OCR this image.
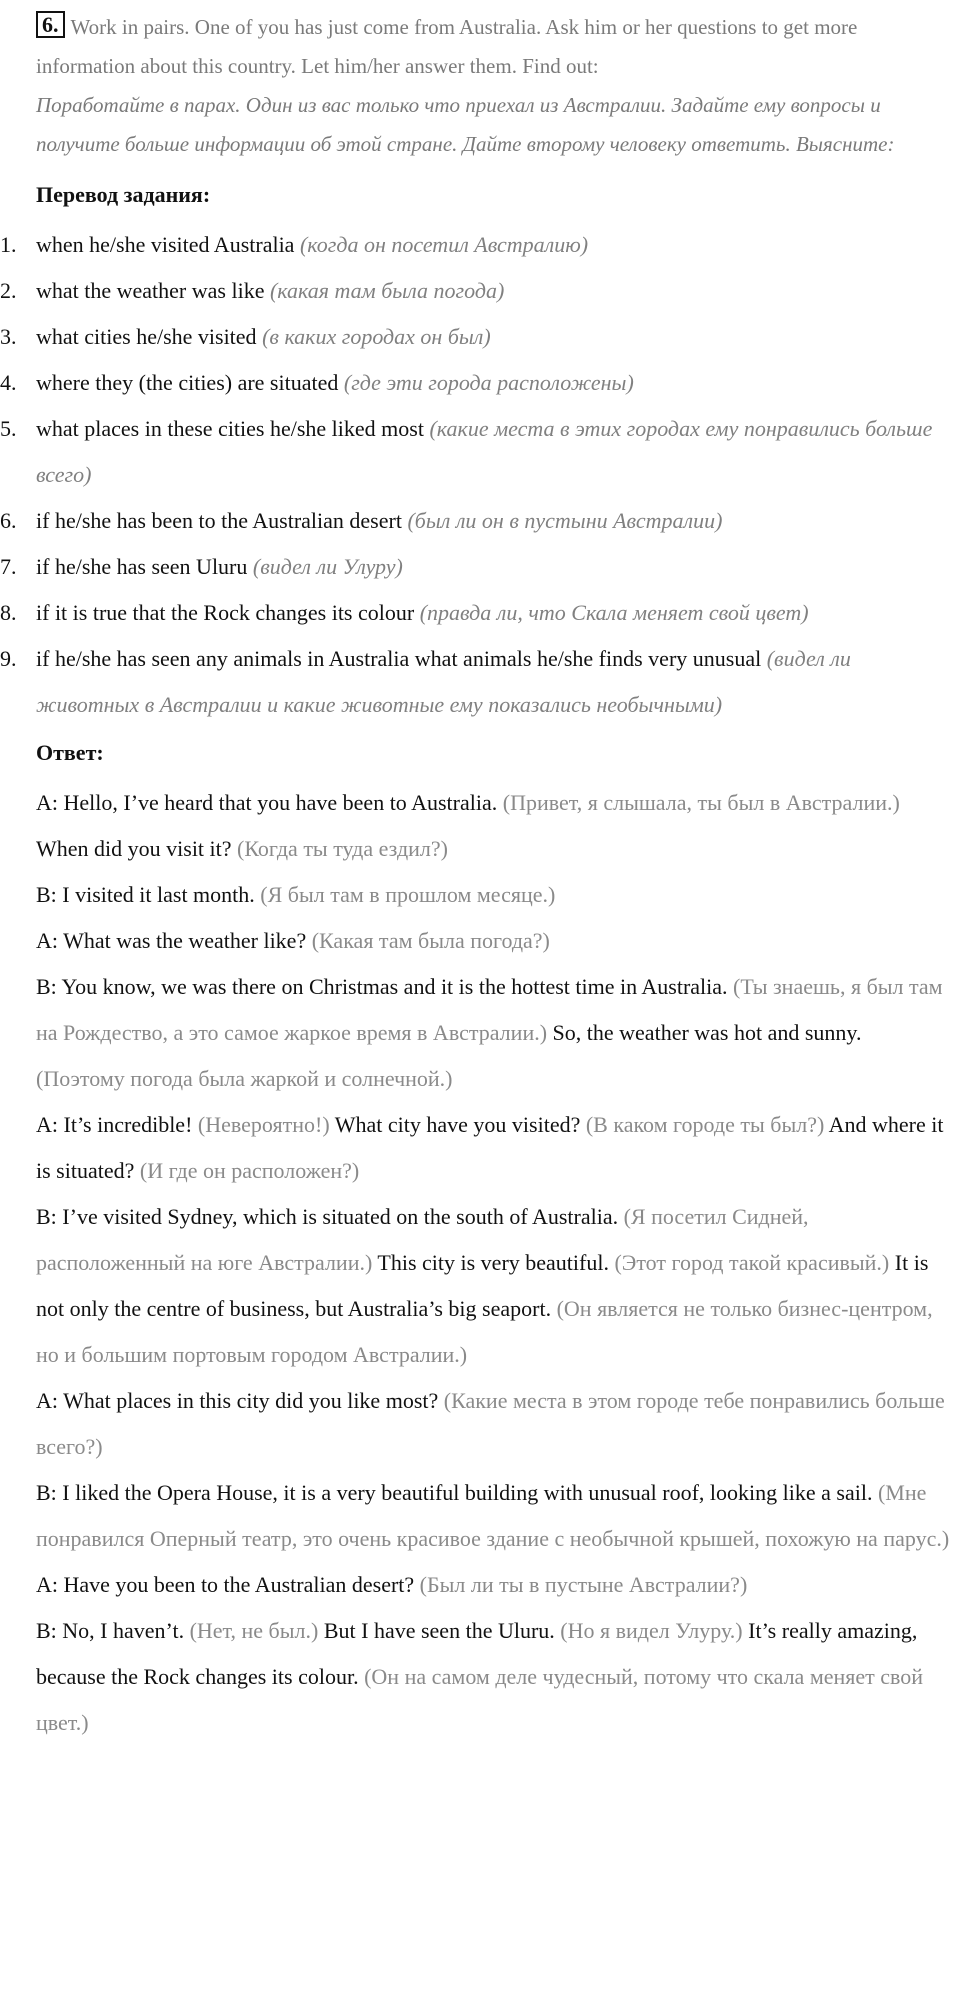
6. Work in pairs. One of you has just come from Australia. Ask him or her questions to get more information about this country. Let him/her answer them. Find out:
Поработайте в парах. Один из вас только что приехал из Австралии. Задайте ему вопросы и получите больше информации об этой стране. Дайте второму человеку ответить. Выясните:
Перевод задания:
1. when he/she visited Australia (когда он посетил Австралию)
2. what the weather was like (какая там была погода)
3. what cities he/she visited (в каких городах он был)
4. where they (the cities) are situated (где эти города расположены)
5. what places in these cities he/she liked most (какие места в этих городах ему понравились больше всего)
6. if he/she has been to the Australian desert (был ли он в пустыни Австралии)
7. if he/she has seen Uluru (видел ли Улуру)
8. if it is true that the Rock changes its colour (правда ли, что Скала меняет свой цвет)
9. if he/she has seen any animals in Australia what animals he/she finds very unusual (видел ли животных в Австралии и какие животные ему показались необычными)
Ответ:

A: Hello, I’ve heard that you have been to Australia. (Привет, я слышала, ты был в Австралии.) When did you visit it? (Когда ты туда ездил?)

B: I visited it last month. (Я был там в прошлом месяце.)

A: What was the weather like? (Какая там была погода?)

B: You know, we was there on Christmas and it is the hottest time in Australia. (Ты знаешь, я был там на Рождество, а это самое жаркое время в Австралии.) So, the weather was hot and sunny. (Поэтому погода была жаркой и солнечной.)

A: It’s incredible! (Невероятно!) What city have you visited? (В каком городе ты был?) And where it is situated? (И где он расположен?)

B: I’ve visited Sydney, which is situated on the south of Australia. (Я посетил Сидней, расположенный на юге Австралии.) This city is very beautiful. (Этот город такой красивый.) It is not only the centre of business, but Australia’s big seaport. (Он является не только бизнес-центром, но и большим портовым городом Австралии.)

A: What places in this city did you like most? (Какие места в этом городе тебе понравились больше всего?)

B: I liked the Opera House, it is a very beautiful building with unusual roof, looking like a sail. (Мне понравился Оперный театр, это очень красивое здание с необычной крышей, похожую на парус.)

A: Have you been to the Australian desert? (Был ли ты в пустыне Австралии?)

B: No, I haven’t. (Нет, не был.) But I have seen the Uluru. (Но я видел Улуру.) It’s really amazing, because the Rock changes its colour. (Он на самом деле чудесный, потому что скала меняет свой цвет.)
